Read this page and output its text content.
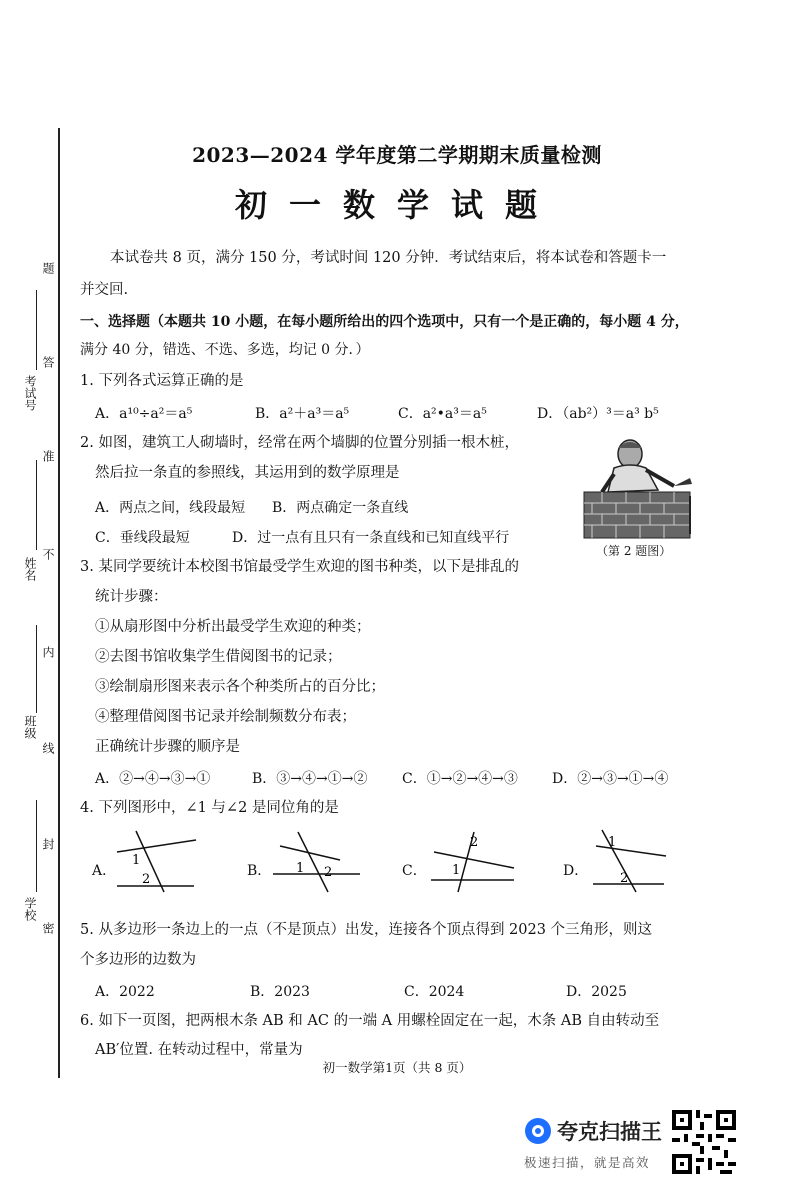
题
答
准
不
内
线
封
密
考试号
姓名
班级
学校
2023—2024 学年度第二学期期末质量检测
初一数学试题
本试卷共 8 页，满分 150 分，考试时间 120 分钟．考试结束后，将本试卷和答题卡一
并交回.
一、选择题（本题共 10 小题，在每小题所给出的四个选项中，只有一个是正确的，每小题 4 分，
满分 40 分，错选、不选、多选，均记 0 分．）
1. 下列各式运算正确的是
A．a¹⁰÷a²＝a⁵	B．a²＋a³＝a⁵	C．a²•a³＝a⁵	D．（ab²）³＝a³ b⁵
2. 如图，建筑工人砌墙时，经常在两个墙脚的位置分别插一根木桩，
然后拉一条直的参照线，其运用到的数学原理是
A．两点之间，线段最短 B．两点确定一条直线
C．垂线段最短	D．过一点有且只有一条直线和已知直线平行
（第 2 题图）
3. 某同学要统计本校图书馆最受学生欢迎的图书种类，以下是排乱的
统计步骤：
①从扇形图中分析出最受学生欢迎的种类；
②去图书馆收集学生借阅图书的记录；
③绘制扇形图来表示各个种类所占的百分比；
④整理借阅图书记录并绘制频数分布表；
正确统计步骤的顺序是
A．②→④→③→①	B．③→④→①→② C．①→②→④→③ D．②→③→①→④
4. 下列图形中，∠1 与∠2 是同位角的是
A．
1
2
B． 1 2	C．
2
1	D．
1
2
5. 从多边形一条边上的一点（不是顶点）出发，连接各个顶点得到 2023 个三角形，则这
个多边形的边数为
A．2022	B．2023	C．2024	D．2025
6. 如下一页图，把两根木条 AB 和 AC 的一端 A 用螺栓固定在一起，木条 AB 自由转动至
AB′位置. 在转动过程中，常量为
初一数学第1页（共 8 页）
夸克扫描王
极速扫描，就是高效
